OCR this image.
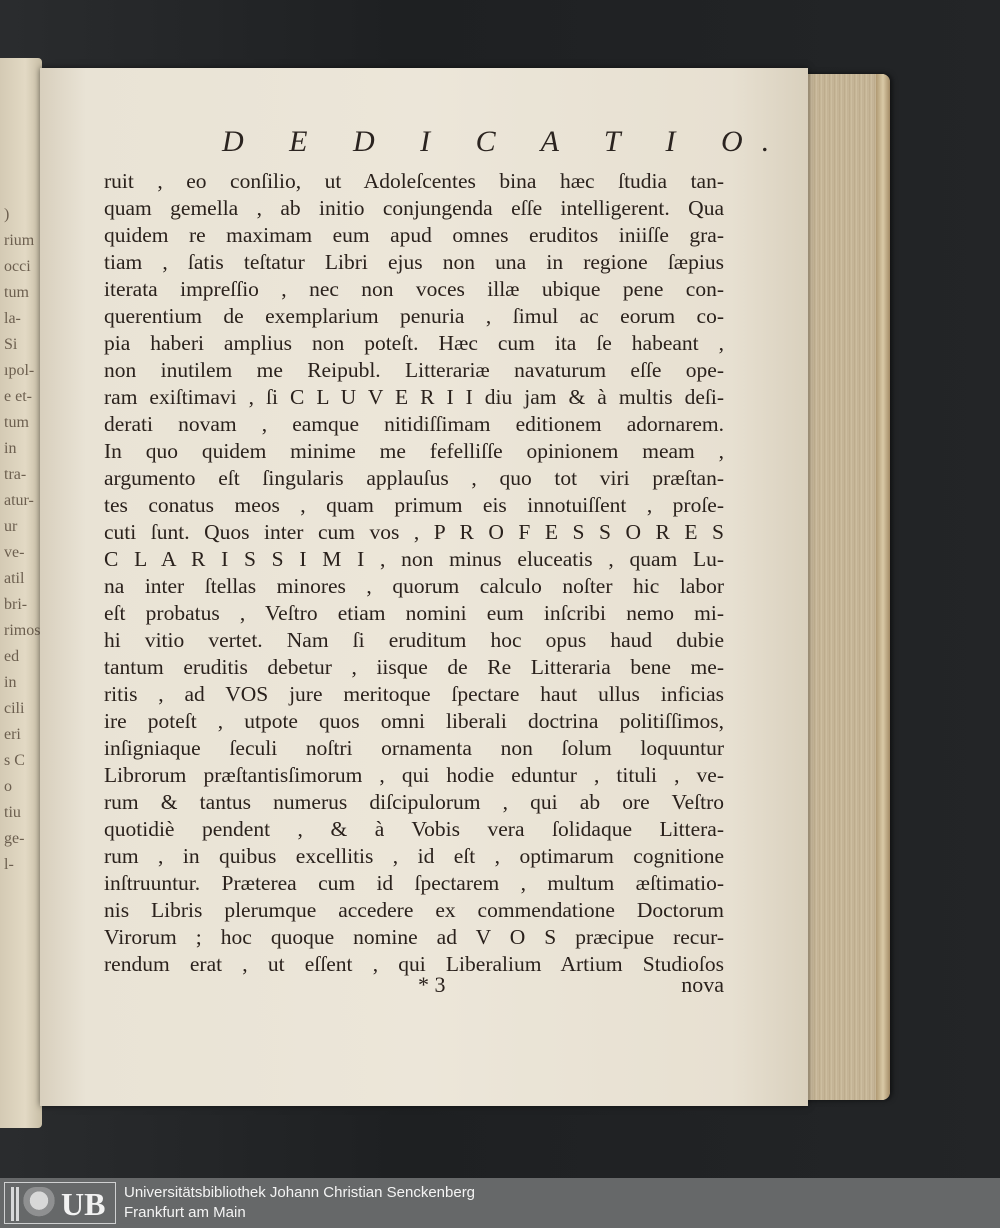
)
rium
occi
tum
la-
Si
ıpol-
e et-
tum
in
tra-
atur-
ur
ve-
atil
bri-
rimos
ed
in
cili
eri
s C
o
tiu
ge-
l-
D E D I C A T I O.
ruit , eo conſilio, ut Adoleſcentes bina hæc ſtudia tan-
quam gemella , ab initio conjungenda eſſe intelligerent. Qua
quidem re maximam eum apud omnes eruditos iniiſſe gra-
tiam , ſatis teſtatur Libri ejus non una in regione ſæpius
iterata impreſſio , nec non voces illæ ubique pene con-
querentium de exemplarium penuria , ſimul ac eorum co-
pia haberi amplius non poteſt. Hæc cum ita ſe habeant ,
non inutilem me Reipubl. Litterariæ navaturum eſſe ope-
ram exiſtimavi , ſi C L U V E R I I diu jam & à multis deſi-
derati novam , eamque nitidiſſimam editionem adornarem.
In quo quidem minime me fefelliſſe opinionem meam ,
argumento eſt ſingularis applauſus , quo tot viri præſtan-
tes conatus meos , quam primum eis innotuiſſent , proſe-
cuti ſunt. Quos inter cum vos , P R O F E S S O R E S
C L A R I S S I M I , non minus eluceatis , quam Lu-
na inter ſtellas minores , quorum calculo noſter hic labor
eſt probatus , Veſtro etiam nomini eum inſcribi nemo mi-
hi vitio vertet. Nam ſi eruditum hoc opus haud dubie
tantum eruditis debetur , iisque de Re Litteraria bene me-
ritis , ad VOS jure meritoque ſpectare haut ullus inficias
ire poteſt , utpote quos omni liberali doctrina politiſſimos,
inſigniaque ſeculi noſtri ornamenta non ſolum loquuntur
Librorum præſtantisſimorum , qui hodie eduntur , tituli , ve-
rum & tantus numerus diſcipulorum , qui ab ore Veſtro
quotidiè pendent , & à Vobis vera ſolidaque Littera-
rum , in quibus excellitis , id eſt , optimarum cognitione
inſtruuntur. Præterea cum id ſpectarem , multum æſtimatio-
nis Libris plerumque accedere ex commendatione Doctorum
Virorum ; hoc quoque nomine ad V O S præcipue recur-
rendum erat , ut eſſent , qui Liberalium Artium Studioſos
* 3	nova
UB Universitätsbibliothek Johann Christian Senckenberg
Frankfurt am Main
